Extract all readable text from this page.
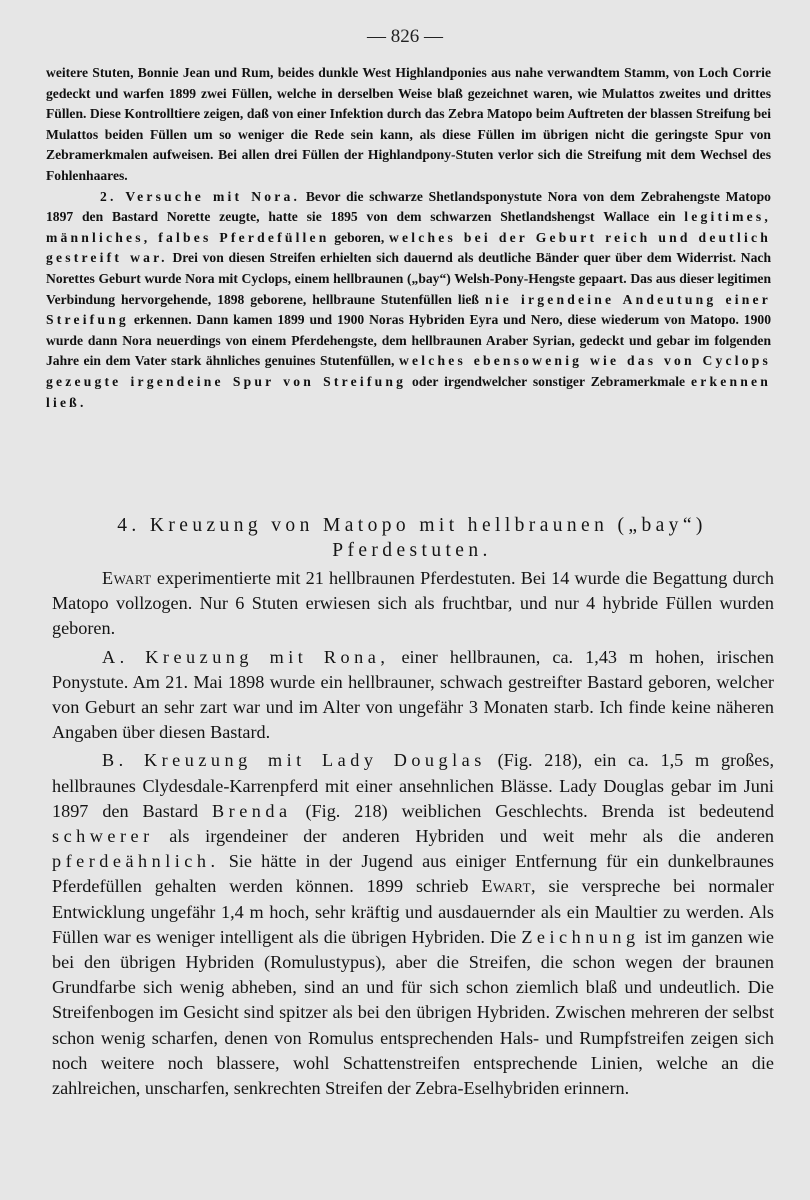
— 826 —

weitere Stuten, Bonnie Jean und Rum, beides dunkle West Highlandponies aus nahe verwandtem Stamm, von Loch Corrie gedeckt und warfen 1899 zwei Füllen, welche in derselben Weise blaß gezeichnet waren, wie Mulattos zweites und drittes Füllen. Diese Kontrolltiere zeigen, daß von einer Infektion durch das Zebra Matopo beim Auftreten der blassen Streifung bei Mulattos beiden Füllen um so weniger die Rede sein kann, als diese Füllen im übrigen nicht die geringste Spur von Zebramerkmalen aufweisen. Bei allen drei Füllen der Highlandpony-Stuten verlor sich die Streifung mit dem Wechsel des Fohlenhaares.

2. Versuche mit Nora. Bevor die schwarze Shetlandsponystute Nora von dem Zebrahengste Matopo 1897 den Bastard Norette zeugte, hatte sie 1895 von dem schwarzen Shetlandshengst Wallace ein legitimes, männliches, falbes Pferdefüllen geboren, welches bei der Geburt reich und deutlich gestreift war. Drei von diesen Streifen erhielten sich dauernd als deutliche Bänder quer über dem Widerrist. Nach Norettes Geburt wurde Nora mit Cyclops, einem hellbraunen („bay“) Welsh-Pony-Hengste gepaart. Das aus dieser legitimen Verbindung hervorgehende, 1898 geborene, hellbraune Stutenfüllen ließ nie irgendeine Andeutung einer Streifung erkennen. Dann kamen 1899 und 1900 Noras Hybriden Eyra und Nero, diese wiederum von Matopo. 1900 wurde dann Nora neuerdings von einem Pferdehengste, dem hellbraunen Araber Syrian, gedeckt und gebar im folgenden Jahre ein dem Vater stark ähnliches genuines Stutenfüllen, welches ebensowenig wie das von Cyclops gezeugte irgendeine Spur von Streifung oder irgendwelcher sonstiger Zebramerkmale erkennen ließ.

4. Kreuzung von Matopo mit hellbraunen („bay“) Pferdestuten.

Ewart experimentierte mit 21 hellbraunen Pferdestuten. Bei 14 wurde die Begattung durch Matopo vollzogen. Nur 6 Stuten erwiesen sich als fruchtbar, und nur 4 hybride Füllen wurden geboren.

A. Kreuzung mit Rona, einer hellbraunen, ca. 1,43 m hohen, irischen Ponystute. Am 21. Mai 1898 wurde ein hellbrauner, schwach gestreifter Bastard geboren, welcher von Geburt an sehr zart war und im Alter von ungefähr 3 Monaten starb. Ich finde keine näheren Angaben über diesen Bastard.

B. Kreuzung mit Lady Douglas (Fig. 218), ein ca. 1,5 m großes, hellbraunes Clydesdale-Karrenpferd mit einer ansehnlichen Blässe. Lady Douglas gebar im Juni 1897 den Bastard Brenda (Fig. 218) weiblichen Geschlechts. Brenda ist bedeutend schwerer als irgendeiner der anderen Hybriden und weit mehr als die anderen pferdeähnlich. Sie hätte in der Jugend aus einiger Entfernung für ein dunkelbraunes Pferdefüllen gehalten werden können. 1899 schrieb Ewart, sie verspreche bei normaler Entwicklung ungefähr 1,4 m hoch, sehr kräftig und ausdauernder als ein Maultier zu werden. Als Füllen war es weniger intelligent als die übrigen Hybriden. Die Zeichnung ist im ganzen wie bei den übrigen Hybriden (Romulustypus), aber die Streifen, die schon wegen der braunen Grundfarbe sich wenig abheben, sind an und für sich schon ziemlich blaß und undeutlich. Die Streifenbogen im Gesicht sind spitzer als bei den übrigen Hybriden. Zwischen mehreren der selbst schon wenig scharfen, denen von Romulus entsprechenden Hals- und Rumpfstreifen zeigen sich noch weitere noch blassere, wohl Schattenstreifen entsprechende Linien, welche an die zahlreichen, unscharfen, senkrechten Streifen der Zebra-Eselhybriden erinnern.
